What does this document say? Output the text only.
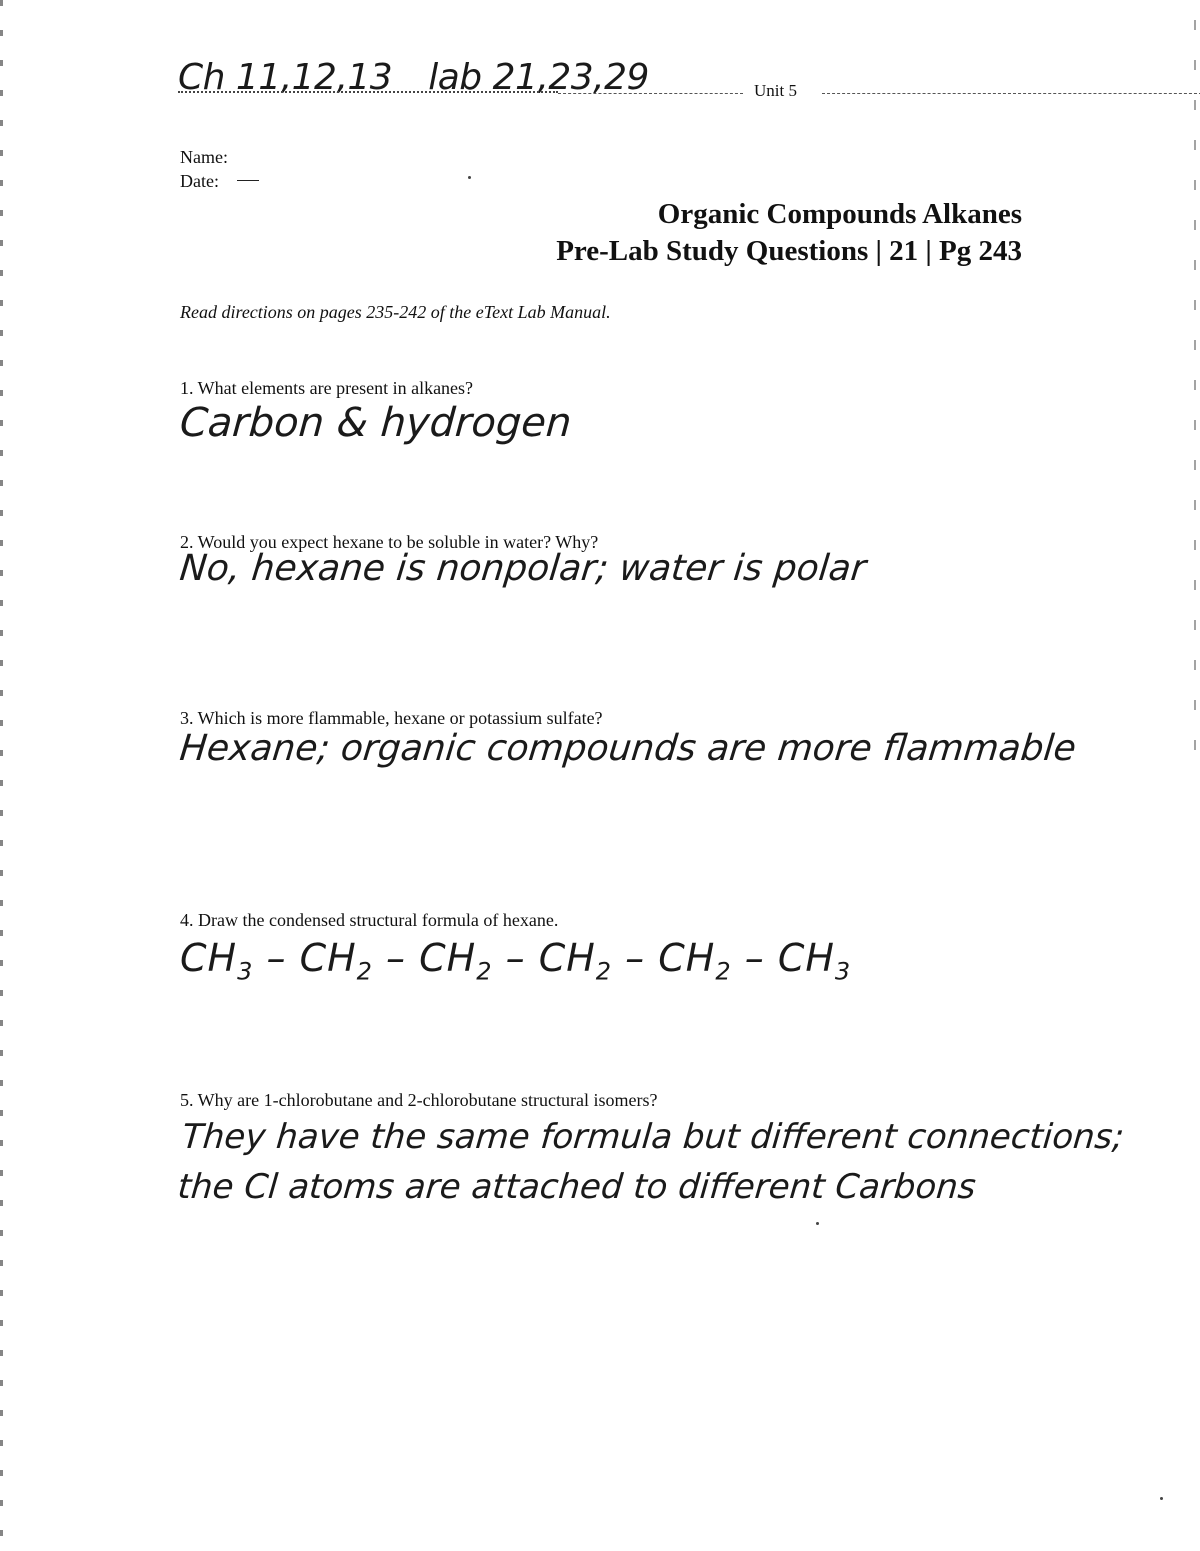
Ch 11,12,13 lab 21,23,29	Unit 5
Name:
Date:
Organic Compounds Alkanes
Pre-Lab Study Questions | 21 | Pg 243
Read directions on pages 235-242 of the eText Lab Manual.
1. What elements are present in alkanes?
Carbon & hydrogen
2. Would you expect hexane to be soluble in water? Why?
No, hexane is nonpolar; water is polar
3. Which is more flammable, hexane or potassium sulfate?
Hexane; organic compounds are more flammable
4. Draw the condensed structural formula of hexane.
$CH_3 - CH_2 - CH_2 - CH_2 - CH_2 - CH_3$
5. Why are 1-chlorobutane and 2-chlorobutane structural isomers?
They have the same formula but different connections;
the Cl atoms are attached to different Carbons
